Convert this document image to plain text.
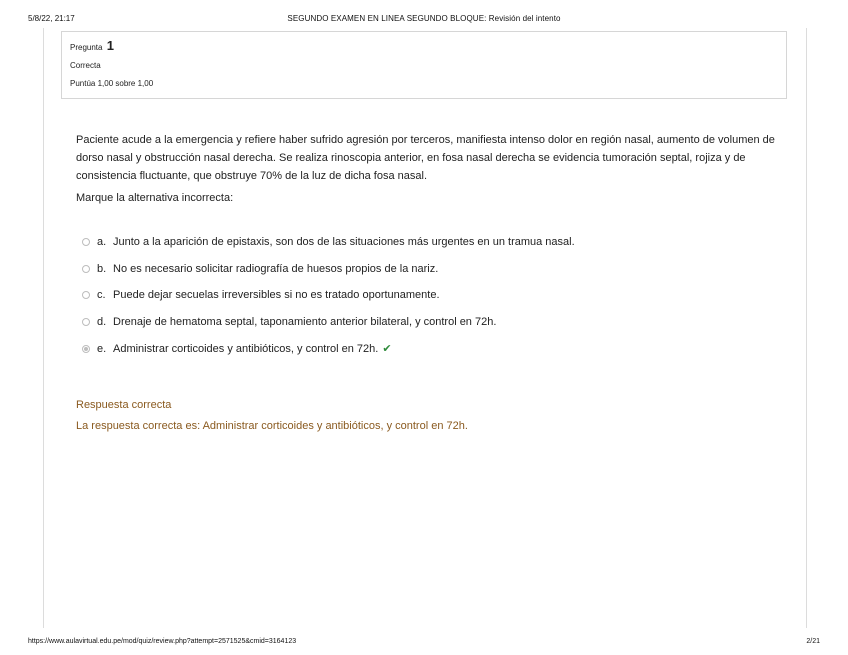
5/8/22, 21:17	SEGUNDO EXAMEN EN LINEA SEGUNDO BLOQUE: Revisión del intento
Pregunta 1
Correcta
Puntúa 1,00 sobre 1,00
Paciente acude a la emergencia y refiere haber sufrido agresión por terceros, manifiesta intenso dolor en región nasal, aumento de volumen de dorso nasal y obstrucción nasal derecha. Se realiza rinoscopia anterior, en fosa nasal derecha se evidencia tumoración septal, rojiza y de consistencia fluctuante, que obstruye 70% de la luz de dicha fosa nasal.
Marque la alternativa incorrecta:
a. Junto a la aparición de epistaxis, son dos de las situaciones más urgentes en un tramua nasal.
b. No es necesario solicitar radiografía de huesos propios de la nariz.
c. Puede dejar secuelas irreversibles si no es tratado oportunamente.
d. Drenaje de hematoma septal, taponamiento anterior bilateral, y control en 72h.
e. Administrar corticoides y antibióticos, y control en 72h. ✔
Respuesta correcta
La respuesta correcta es: Administrar corticoides y antibióticos, y control en 72h.
https://www.aulavirtual.edu.pe/mod/quiz/review.php?attempt=2571525&cmid=3164123	2/21
